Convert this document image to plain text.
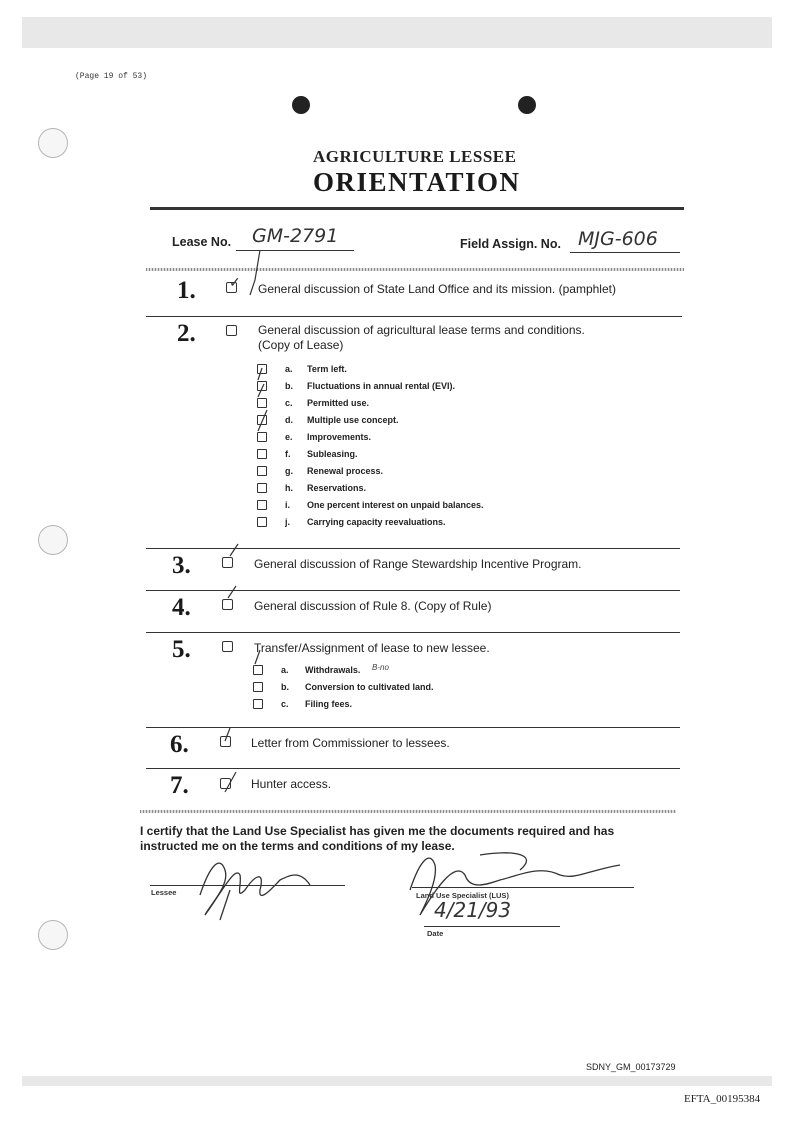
(Page 19 of 53)
AGRICULTURE LESSEE
ORIENTATION
Lease No. GM-2791	Field Assign. No. MJG-606
1. ✓ General discussion of State Land Office and its mission. (pamphlet)
2.	General discussion of agricultural lease terms and conditions.
(Copy of Lease)
a. Term left.
b. Fluctuations in annual rental (EVI).
c. Permitted use.
d. Multiple use concept.
e. Improvements.
f. Subleasing.
g. Renewal process.
h. Reservations.
i. One percent interest on unpaid balances.
j. Carrying capacity reevaluations.
3.	General discussion of Range Stewardship Incentive Program.
4.	General discussion of Rule 8. (Copy of Rule)
5.	Transfer/Assignment of lease to new lessee.
a. Withdrawals. B-no
b. Conversion to cultivated land.
c. Filing fees.
6.	Letter from Commissioner to lessees.
7.	Hunter access.
I certify that the Land Use Specialist has given me the documents required and has
instructed me on the terms and conditions of my lease.
Lessee	Land Use Specialist (LUS)
4/21/93
Date
SDNY_GM_00173729
EFTA_00195384
